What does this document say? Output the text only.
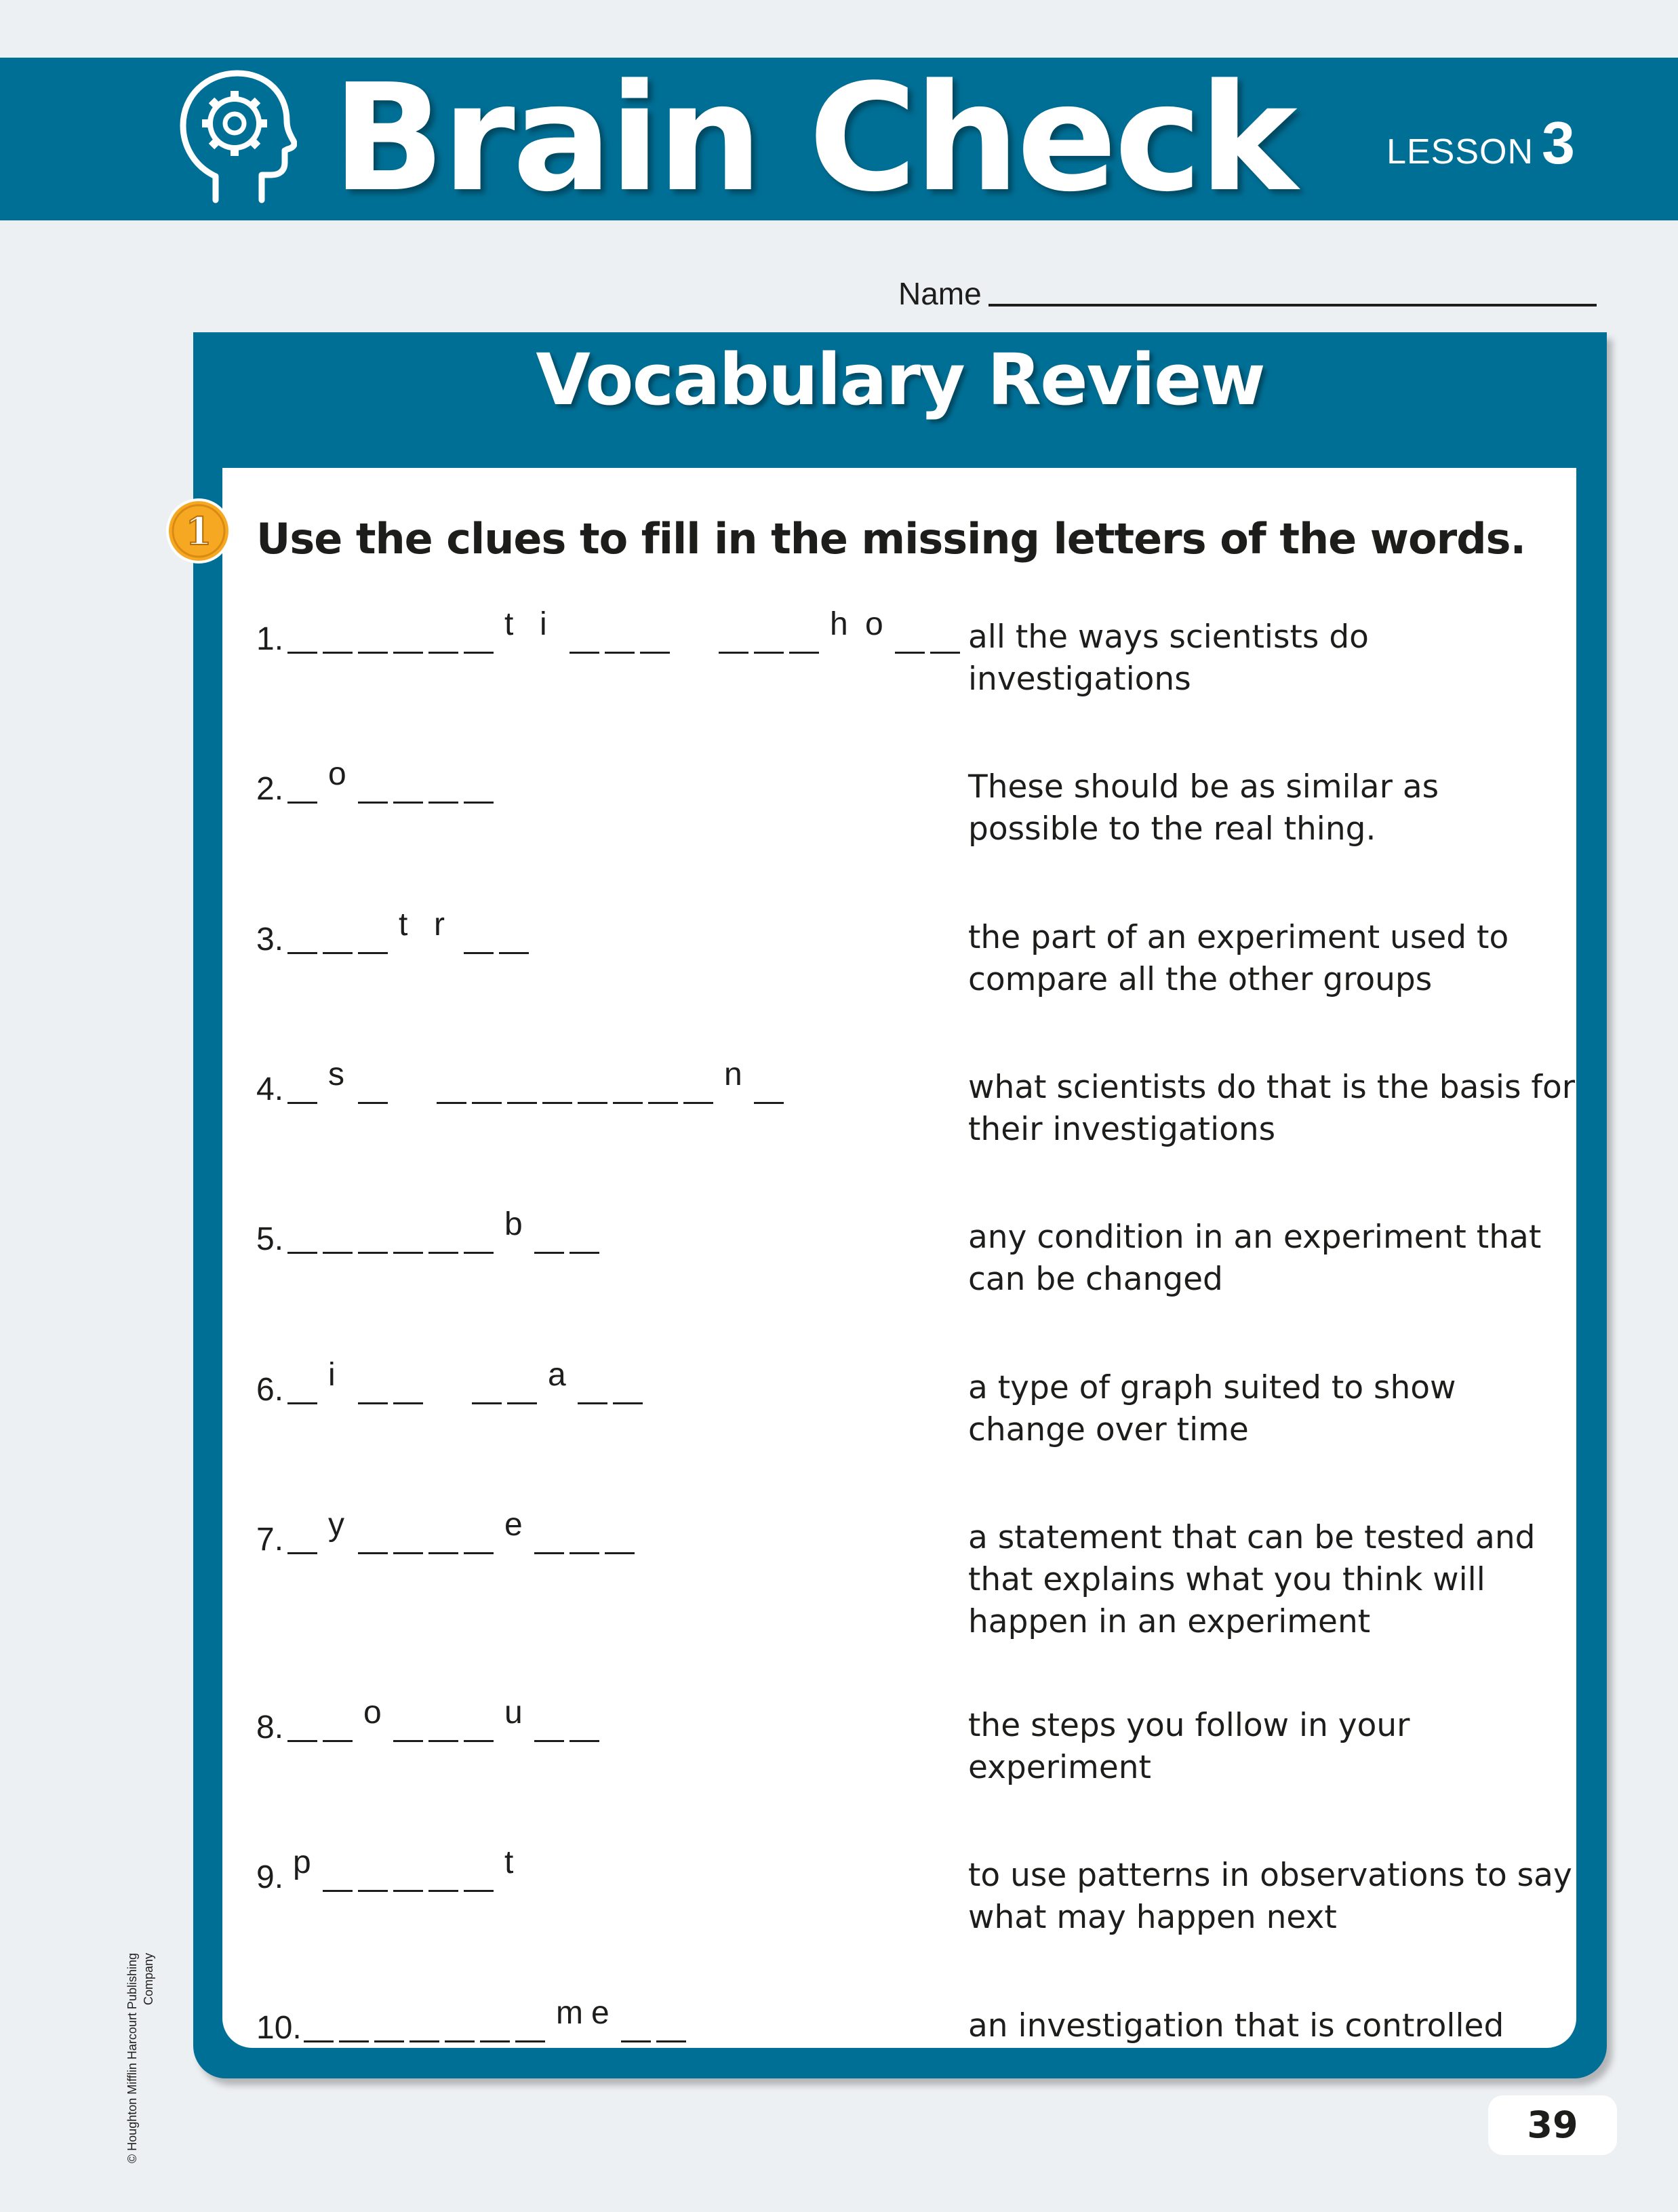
Brain Check	LESSON 3
Name
Vocabulary Review
1 Use the clues to fill in the missing letters of the words.
1.	t i	h o	all the ways scientists do investigations
2. o	These should be as similar as possible to the real thing.
3.	t r	the part of an experiment used to compare all the other groups
4. s	n	what scientists do that is the basis for their investigations
5.	b	any condition in an experiment that can be changed
6. i	a	a type of graph suited to show change over time
7. y	e	a statement that can be tested and that explains what you think will happen in an experiment
8. o	u	the steps you follow in your experiment
9. p	t	to use patterns in observations to say what may happen next
10.	m e	an investigation that is controlled
© Houghton Mifflin Harcourt Publishing Company
39
